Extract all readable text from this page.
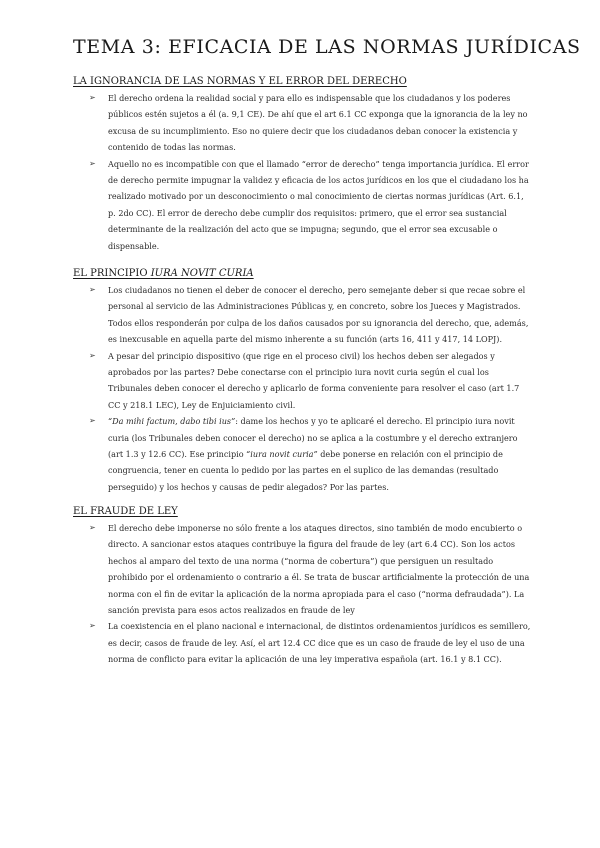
TEMA 3: EFICACIA DE LAS NORMAS JURÍDICAS

LA IGNORANCIA DE LAS NORMAS Y EL ERROR DEL DERECHO

➢ El derecho ordena la realidad social y para ello es indispensable que los ciudadanos y los poderes públicos estén sujetos a él (a. 9,1 CE). De ahí que el art 6.1 CC exponga que la ignorancia de la ley no excusa de su incumplimiento. Eso no quiere decir que los ciudadanos deban conocer la existencia y contenido de todas las normas.
➢ Aquello no es incompatible con que el llamado “error de derecho” tenga importancia jurídica. El error de derecho permite impugnar la validez y eficacia de los actos jurídicos en los que el ciudadano los ha realizado motivado por un desconocimiento o mal conocimiento de ciertas normas jurídicas (Art. 6.1, p. 2do CC). El error de derecho debe cumplir dos requisitos: primero, que el error sea sustancial determinante de la realización del acto que se impugna; segundo, que el error sea excusable o dispensable.

EL PRINCIPIO IURA NOVIT CURIA

➢ Los ciudadanos no tienen el deber de conocer el derecho, pero semejante deber si que recae sobre el personal al servicio de las Administraciones Públicas y, en concreto, sobre los Jueces y Magistrados. Todos ellos responderán por culpa de los daños causados por su ignorancia del derecho, que, además, es inexcusable en aquella parte del mismo inherente a su función (arts 16, 411 y 417, 14 LOPJ).
➢ A pesar del principio dispositivo (que rige en el proceso civil) los hechos deben ser alegados y aprobados por las partes? Debe conectarse con el principio iura novit curia según el cual los Tribunales deben conocer el derecho y aplicarlo de forma conveniente para resolver el caso (art 1.7 CC y 218.1 LEC), Ley de Enjuiciamiento civil.
➢ “Da mihi factum, dabo tibi ius”: dame los hechos y yo te aplicaré el derecho. El principio iura novit curia (los Tribunales deben conocer el derecho) no se aplica a la costumbre y el derecho extranjero (art 1.3 y 12.6 CC). Ese principio “iura novit curia” debe ponerse en relación con el principio de congruencia, tener en cuenta lo pedido por las partes en el suplico de las demandas (resultado perseguido) y los hechos y causas de pedir alegados? Por las partes.

EL FRAUDE DE LEY

➢ El derecho debe imponerse no sólo frente a los ataques directos, sino también de modo encubierto o directo. A sancionar estos ataques contribuye la figura del fraude de ley (art 6.4 CC). Son los actos hechos al amparo del texto de una norma (“norma de cobertura”) que persiguen un resultado prohibido por el ordenamiento o contrario a él. Se trata de buscar artificialmente la protección de una norma con el fin de evitar la aplicación de la norma apropiada para el caso (“norma defraudada”). La sanción prevista para esos actos realizados en fraude de ley
➢ La coexistencia en el plano nacional e internacional, de distintos ordenamientos jurídicos es semillero, es decir, casos de fraude de ley. Así, el art 12.4 CC dice que es un caso de fraude de ley el uso de una norma de conflicto para evitar la aplicación de una ley imperativa española (art. 16.1 y 8.1 CC).
